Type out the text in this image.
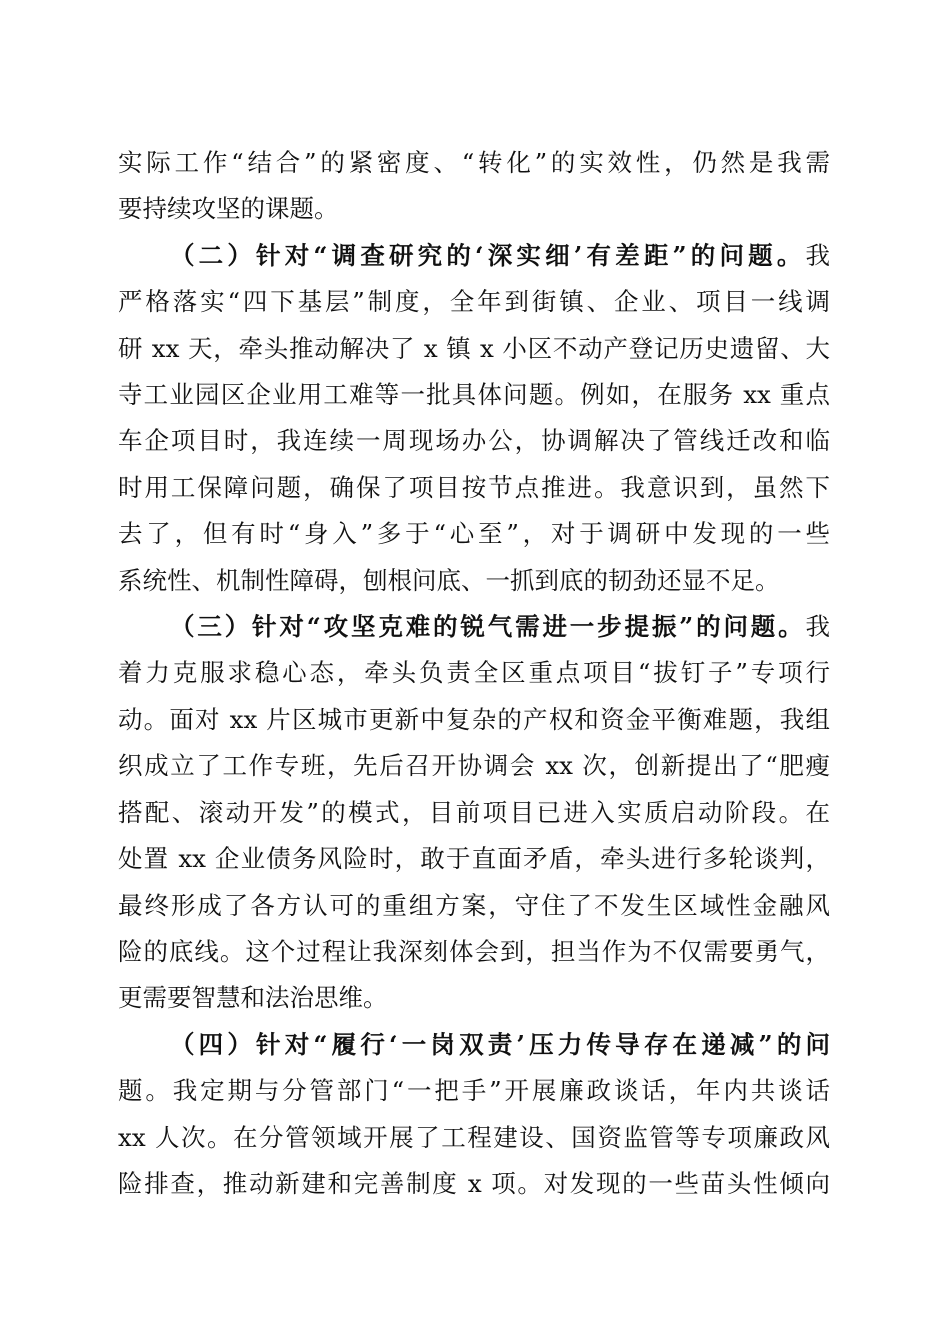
实际工作“结合”的紧密度、“转化”的实效性，仍然是我需
要持续攻坚的课题。
（二）针对“调查研究的‘深实细’有差距”的问题。我
严格落实“四下基层”制度，全年到街镇、企业、项目一线调
研 xx 天，牵头推动解决了 x 镇 x 小区不动产登记历史遗留、大
寺工业园区企业用工难等一批具体问题。例如，在服务 xx 重点
车企项目时，我连续一周现场办公，协调解决了管线迁改和临
时用工保障问题，确保了项目按节点推进。我意识到，虽然下
去了，但有时“身入”多于“心至”，对于调研中发现的一些
系统性、机制性障碍，刨根问底、一抓到底的韧劲还显不足。
（三）针对“攻坚克难的锐气需进一步提振”的问题。我
着力克服求稳心态，牵头负责全区重点项目“拔钉子”专项行
动。面对 xx 片区城市更新中复杂的产权和资金平衡难题，我组
织成立了工作专班，先后召开协调会 xx 次，创新提出了“肥瘦
搭配、滚动开发”的模式，目前项目已进入实质启动阶段。在
处置 xx 企业债务风险时，敢于直面矛盾，牵头进行多轮谈判，
最终形成了各方认可的重组方案，守住了不发生区域性金融风
险的底线。这个过程让我深刻体会到，担当作为不仅需要勇气，
更需要智慧和法治思维。
（四）针对“履行‘一岗双责’压力传导存在递减”的问
题。我定期与分管部门“一把手”开展廉政谈话，年内共谈话
xx 人次。在分管领域开展了工程建设、国资监管等专项廉政风
险排查，推动新建和完善制度 x 项。对发现的一些苗头性倾向
